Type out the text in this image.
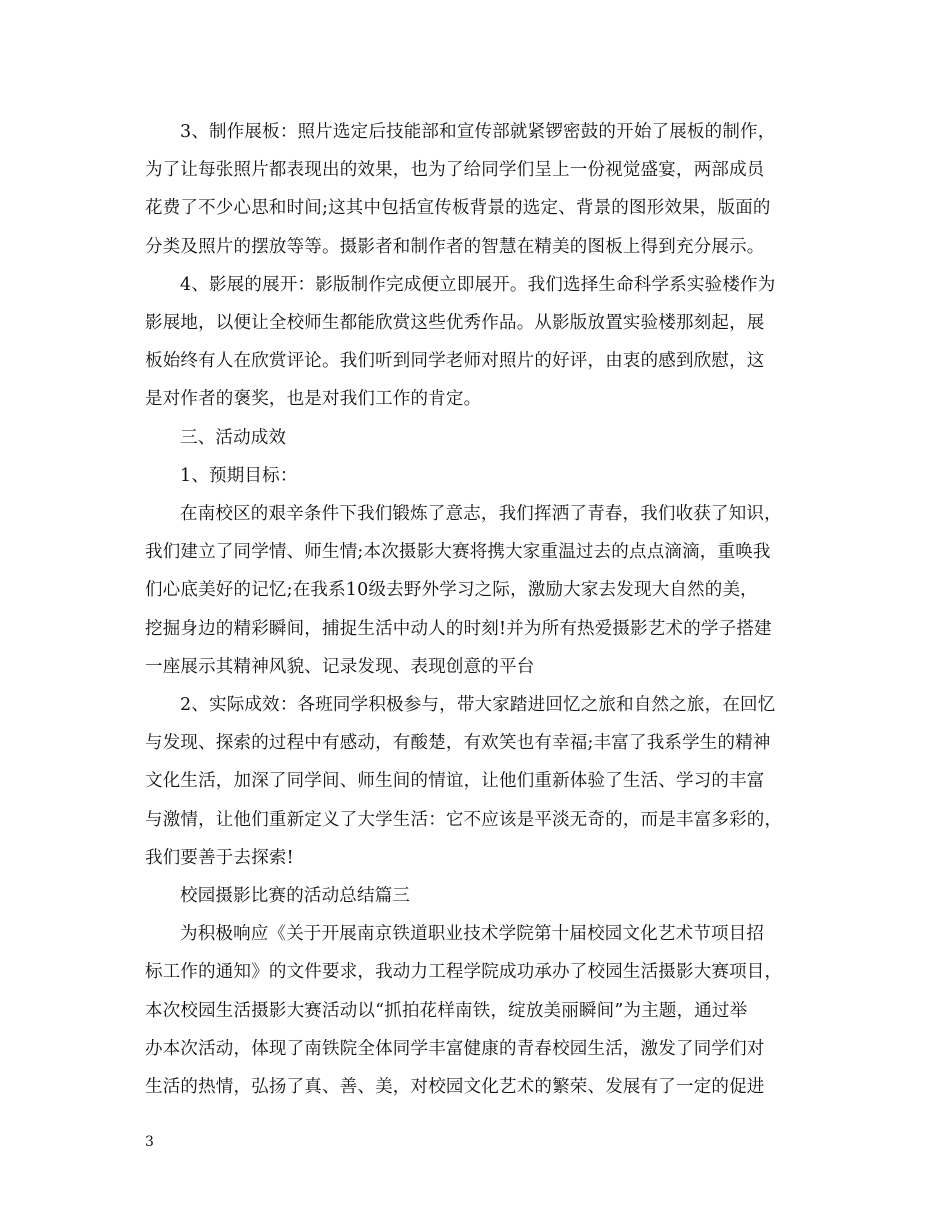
3、制作展板：照片选定后技能部和宣传部就紧锣密鼓的开始了展板的制作，
为了让每张照片都表现出的效果，也为了给同学们呈上一份视觉盛宴，两部成员
花费了不少心思和时间;这其中包括宣传板背景的选定、背景的图形效果，版面的
分类及照片的摆放等等。摄影者和制作者的智慧在精美的图板上得到充分展示。

4、影展的展开：影版制作完成便立即展开。我们选择生命科学系实验楼作为
影展地，以便让全校师生都能欣赏这些优秀作品。从影版放置实验楼那刻起，展
板始终有人在欣赏评论。我们听到同学老师对照片的好评，由衷的感到欣慰，这
是对作者的褒奖，也是对我们工作的肯定。

三、活动成效

1、预期目标：

在南校区的艰辛条件下我们锻炼了意志，我们挥洒了青春，我们收获了知识，
我们建立了同学情、师生情;本次摄影大赛将携大家重温过去的点点滴滴，重唤我
们心底美好的记忆;在我系10级去野外学习之际，激励大家去发现大自然的美，
挖掘身边的精彩瞬间，捕捉生活中动人的时刻!并为所有热爱摄影艺术的学子搭建
一座展示其精神风貌、记录发现、表现创意的平台

2、实际成效：各班同学积极参与，带大家踏进回忆之旅和自然之旅，在回忆
与发现、探索的过程中有感动，有酸楚，有欢笑也有幸福;丰富了我系学生的精神
文化生活，加深了同学间、师生间的情谊，让他们重新体验了生活、学习的丰富
与激情，让他们重新定义了大学生活：它不应该是平淡无奇的，而是丰富多彩的，
我们要善于去探索!

校园摄影比赛的活动总结篇三

为积极响应《关于开展南京铁道职业技术学院第十届校园文化艺术节项目招
标工作的通知》的文件要求，我动力工程学院成功承办了校园生活摄影大赛项目，
本次校园生活摄影大赛活动以“抓拍花样南铁，绽放美丽瞬间”为主题，通过举
办本次活动，体现了南铁院全体同学丰富健康的青春校园生活，激发了同学们对
生活的热情，弘扬了真、善、美，对校园文化艺术的繁荣、发展有了一定的促进

3
